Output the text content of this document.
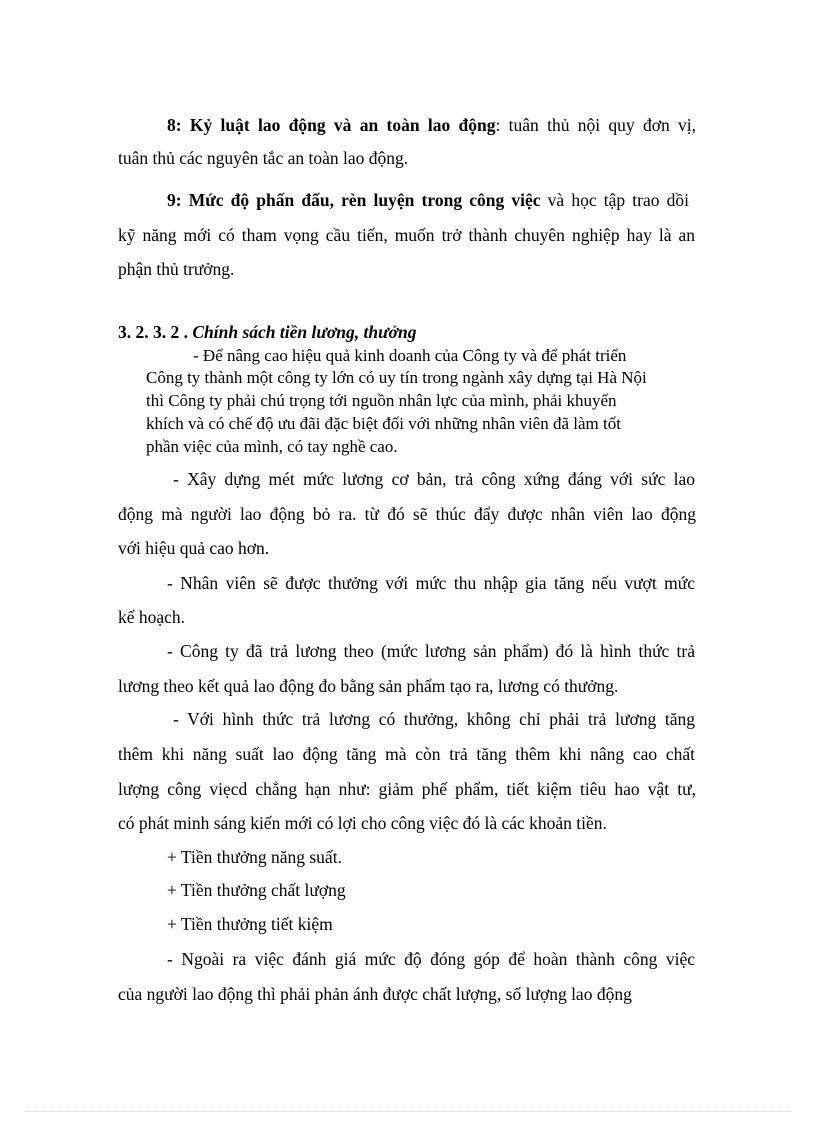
8: Kỷ luật lao động và an toàn lao động: tuân thủ nội quy đơn vị,
tuân thủ các nguyên tắc an toàn lao động.
9: Mức độ phấn đấu, rèn luyện trong công việc và học tập trao dồi
kỹ năng mới có tham vọng cầu tiến, muốn trở thành chuyên nghiệp hay là an
phận thủ trưởng.
3. 2. 3. 2 . Chính sách tiền lương, thưởng
- Để nâng cao hiệu quả kinh doanh của Công ty và để phát triển
Công ty thành một công ty lớn có uy tín trong ngành xây dựng tại Hà Nội
thì Công ty phải chú trọng tới nguồn nhân lực của mình, phải khuyến
khích và có chế độ ưu đãi đặc biệt đối với những nhân viên đã làm tốt
phần việc của mình, có tay nghề cao.
- Xây dựng mét mức lương cơ bản, trả công xứng đáng với sức lao
động mà người lao động bỏ ra. từ đó sẽ thúc đẩy được nhân viên lao động
với hiệu quả cao hơn.
- Nhân viên sẽ được thưởng với mức thu nhập gia tăng nếu vượt mức
kế hoạch.
- Công ty đã trả lương theo (mức lương sản phẩm) đó là hình thức trả
lương theo kết quả lao động đo bằng sản phẩm tạo ra, lương có thưởng.
- Với hình thức trả lương có thưởng, không chỉ phải trả lương tăng
thêm khi năng suất lao động tăng mà còn trả tăng thêm khi nâng cao chất
lượng công viẹcd chẳng hạn như: giảm phế phẩm, tiết kiệm tiêu hao vật tư,
có phát minh sáng kiến mới có lợi cho công việc đó là các khoản tiền.
+ Tiền thưởng năng suất.
+ Tiền thưởng chất lượng
+ Tiền thưởng tiết kiệm
- Ngoài ra việc đánh giá mức độ đóng góp để hoàn thành công việc
của người lao động thì phải phản ánh được chất lượng, số lượng lao động
